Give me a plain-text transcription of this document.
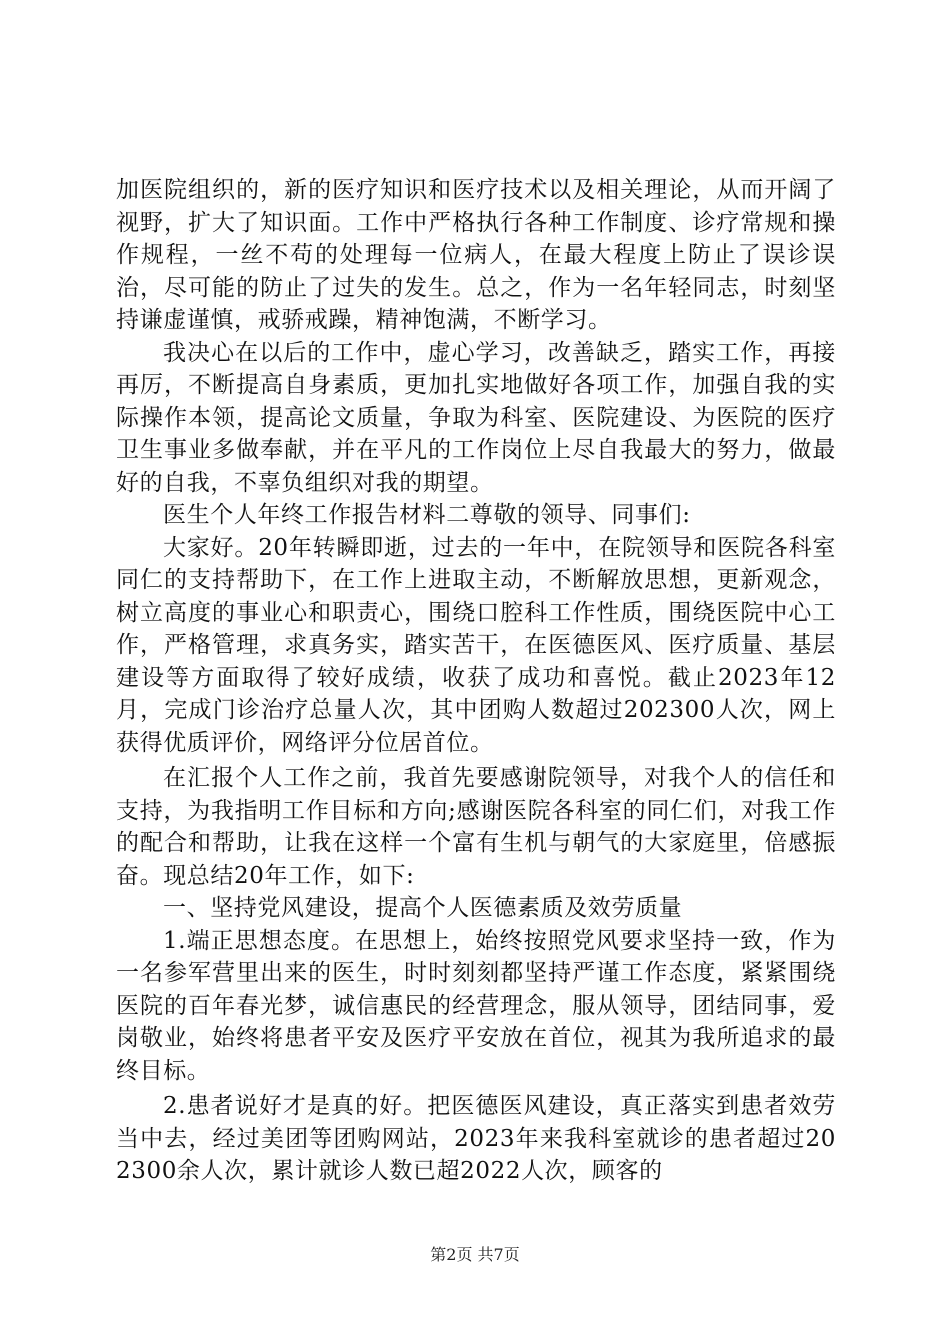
加医院组织的，新的医疗知识和医疗技术以及相关理论，从而开阔了视野，扩大了知识面。工作中严格执行各种工作制度、诊疗常规和操作规程，一丝不苟的处理每一位病人，在最大程度上防止了误诊误治，尽可能的防止了过失的发生。总之，作为一名年轻同志，时刻坚持谦虚谨慎，戒骄戒躁，精神饱满，不断学习。

我决心在以后的工作中，虚心学习，改善缺乏，踏实工作，再接再厉，不断提高自身素质，更加扎实地做好各项工作，加强自我的实际操作本领，提高论文质量，争取为科室、医院建设、为医院的医疗卫生事业多做奉献，并在平凡的工作岗位上尽自我最大的努力，做最好的自我，不辜负组织对我的期望。

医生个人年终工作报告材料二尊敬的领导、同事们:

大家好。20年转瞬即逝，过去的一年中，在院领导和医院各科室同仁的支持帮助下，在工作上进取主动，不断解放思想，更新观念，树立高度的事业心和职责心，围绕口腔科工作性质，围绕医院中心工作，严格管理，求真务实，踏实苦干，在医德医风、医疗质量、基层建设等方面取得了较好成绩，收获了成功和喜悦。截止2023年12月，完成门诊治疗总量人次，其中团购人数超过202300人次，网上获得优质评价，网络评分位居首位。

在汇报个人工作之前，我首先要感谢院领导，对我个人的信任和支持，为我指明工作目标和方向;感谢医院各科室的同仁们，对我工作的配合和帮助，让我在这样一个富有生机与朝气的大家庭里，倍感振奋。现总结20年工作，如下:

一、坚持党风建设，提高个人医德素质及效劳质量

1.端正思想态度。在思想上，始终按照党风要求坚持一致，作为一名参军营里出来的医生，时时刻刻都坚持严谨工作态度，紧紧围绕医院的百年春光梦，诚信惠民的经营理念，服从领导，团结同事，爱岗敬业，始终将患者平安及医疗平安放在首位，视其为我所追求的最终目标。

2.患者说好才是真的好。把医德医风建设，真正落实到患者效劳当中去，经过美团等团购网站，2023年来我科室就诊的患者超过202300余人次，累计就诊人数已超2022人次，顾客的

第2页 共7页
